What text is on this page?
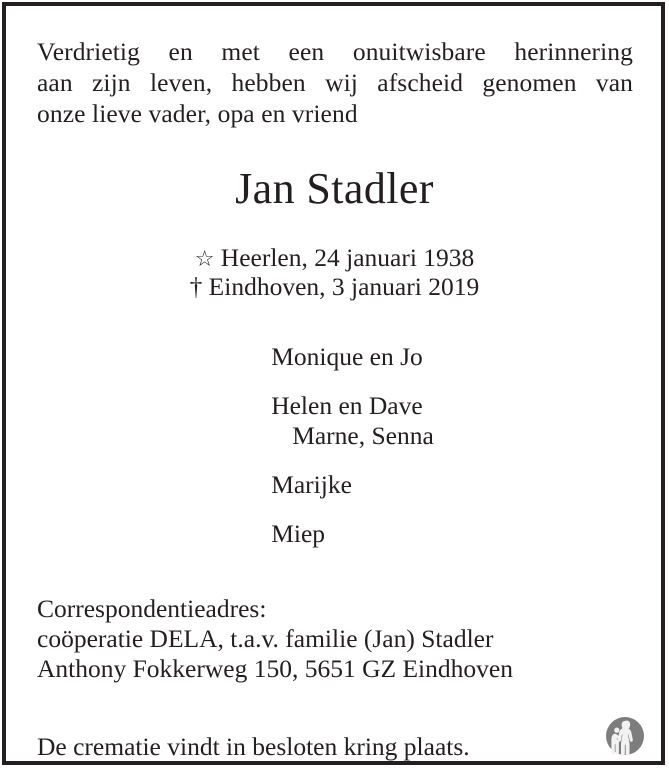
Verdrietig en met een onuitwisbare herinnering
aan zijn leven, hebben wij afscheid genomen van
onze lieve vader, opa en vriend
Jan Stadler
☆ Heerlen, 24 januari 1938
† Eindhoven, 3 januari 2019
Monique en Jo
Helen en Dave
Marne, Senna
Marijke
Miep
Correspondentieadres:
coöperatie DELA, t.a.v. familie (Jan) Stadler
Anthony Fokkerweg 150, 5651 GZ Eindhoven
De crematie vindt in besloten kring plaats.
